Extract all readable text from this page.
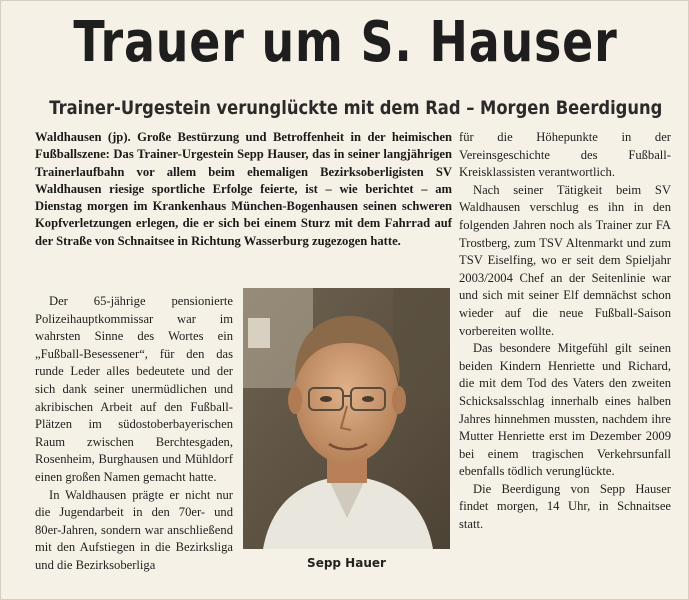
Trauer um S. Hauser
Trainer-Urgestein verunglückte mit dem Rad – Morgen Beerdigung

Waldhausen (jp). Große Bestürzung und Betroffenheit in der heimischen Fußballszene: Das Trainer-Urgestein Sepp Hauser, das in seiner langjährigen Trainerlaufbahn vor allem beim ehemaligen Bezirksoberligisten SV Waldhausen riesige sportliche Erfolge feierte, ist – wie berichtet – am Dienstag morgen im Krankenhaus München-Bogenhausen seinen schweren Kopfverletzungen erlegen, die er sich bei einem Sturz mit dem Fahrrad auf der Straße von Schnaitsee in Richtung Wasserburg zugezogen hatte.

Der 65-jährige pensionierte Polizeihauptkommissar war im wahrsten Sinne des Wortes ein „Fußball-Besessener“, für den das runde Leder alles bedeutete und der sich dank seiner unermüdlichen und akribischen Arbeit auf den Fußball-Plätzen im südostoberbayerischen Raum zwischen Berchtesgaden, Rosenheim, Burghausen und Mühldorf einen großen Namen gemacht hatte.

In Waldhausen prägte er nicht nur die Jugendarbeit in den 70er- und 80er-Jahren, sondern war anschließend mit den Aufstiegen in die Bezirksliga und die Bezirksoberliga	Sepp Hauer

für die Höhepunkte in der Vereinsgeschichte des Fußball-Kreisklassisten verantwortlich.

Nach seiner Tätigkeit beim SV Waldhausen verschlug es ihn in den folgenden Jahren noch als Trainer zur FA Trostberg, zum TSV Altenmarkt und zum TSV Eiselfing, wo er seit dem Spieljahr 2003/2004 Chef an der Seitenlinie war und sich mit seiner Elf demnächst schon wieder auf die neue Fußball-Saison vorbereiten wollte.

Das besondere Mitgefühl gilt seinen beiden Kindern Henriette und Richard, die mit dem Tod des Vaters den zweiten Schicksalsschlag innerhalb eines halben Jahres hinnehmen mussten, nachdem ihre Mutter Henriette erst im Dezember 2009 bei einem tragischen Verkehrsunfall ebenfalls tödlich verunglückte.

Die Beerdigung von Sepp Hauser findet morgen, 14 Uhr, in Schnaitsee statt.
